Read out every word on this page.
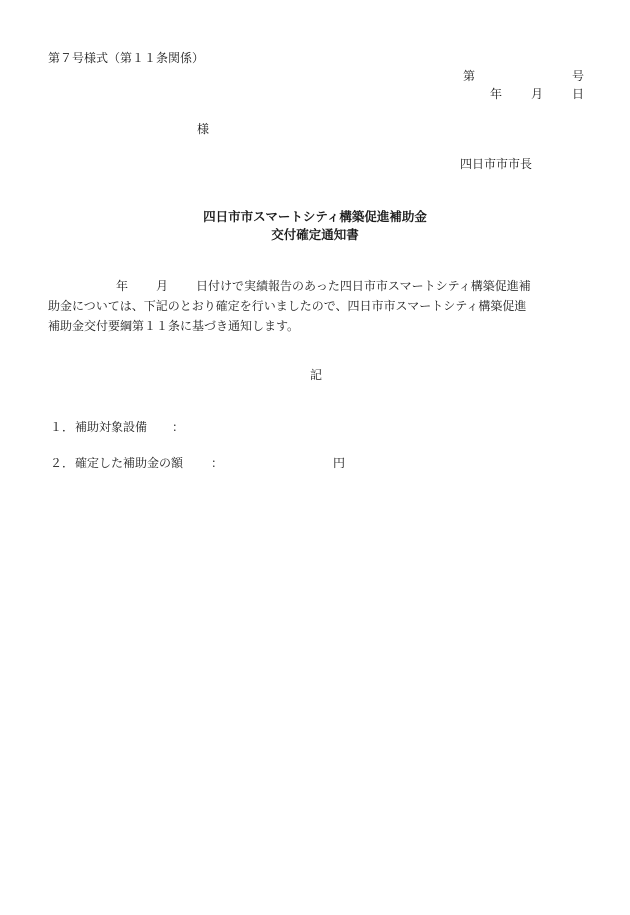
第７号様式（第１１条関係）
第	号
年 月 日
様
四日市市市長
四日市市スマートシティ構築促進補助金
交付確定通知書
年 月 日付けで実績報告のあった四日市市スマートシティ構築促進補
助金については、下記のとおり確定を行いましたので、四日市市スマートシティ構築促進
補助金交付要綱第１１条に基づき通知します。
記
１． 補助対象設備 ：
２． 確定した補助金の額 ：	円
